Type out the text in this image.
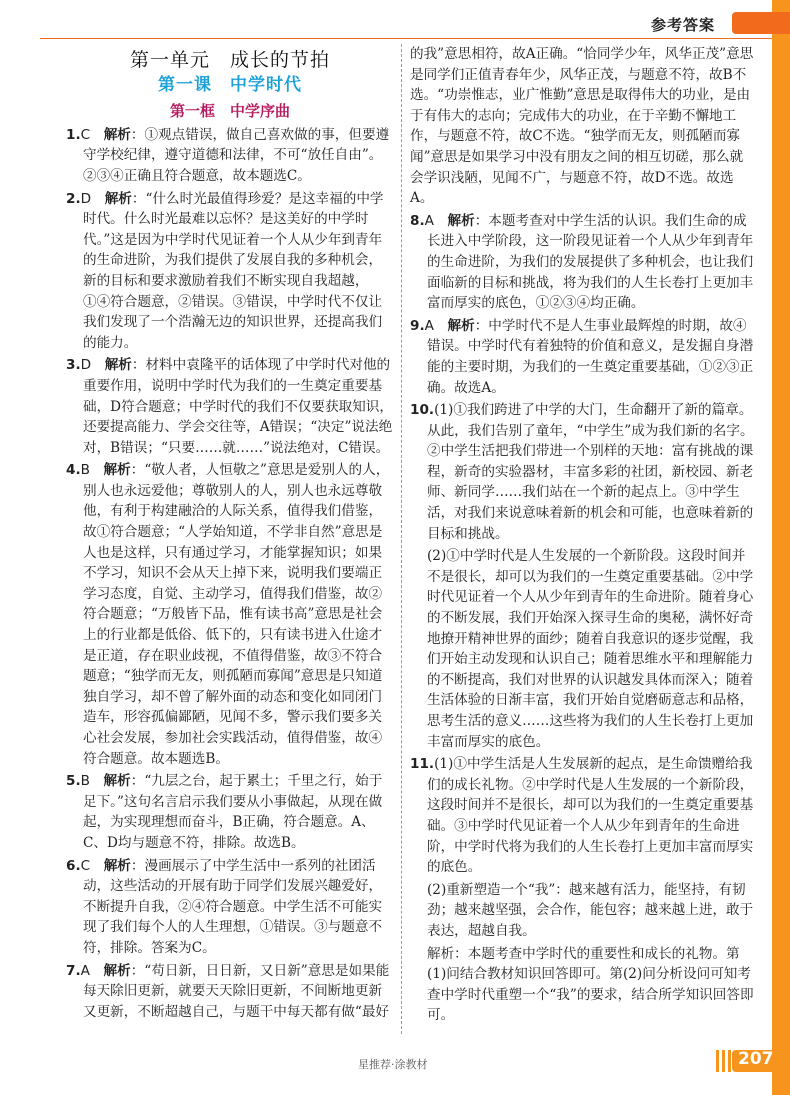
第一单元　成长的节拍
第一课　中学时代
第一框　中学序曲
1.C　 解析：①观点错误，做自己喜欢做的事，但要遵守学校纪律，遵守道德和法律，不可“放任自由”。②③④正确且符合题意，故本题选C。
2.D　 解析：“什么时光最值得珍爱？是这幸福的中学时代。什么时光最难以忘怀？是这美好的中学时代。”这是因为中学时代见证着一个人从少年到青年的生命进阶，为我们提供了发展自我的多种机会，新的目标和要求激励着我们不断实现自我超越，①④符合题意，②错误。③错误，中学时代不仅让我们发现了一个浩瀚无边的知识世界，还提高我们的能力。
3.D　 解析：材料中袁隆平的话体现了中学时代对他的重要作用，说明中学时代为我们的一生奠定重要基础，D符合题意；中学时代的我们不仅要获取知识，还要提高能力、学会交往等，A错误；“决定”说法绝对，B错误；“只要……就……”说法绝对，C错误。
4.B　 解析：“敬人者，人恒敬之”意思是爱别人的人，别人也永远爱他；尊敬别人的人，别人也永远尊敬他，有利于构建融洽的人际关系，值得我们借鉴，故①符合题意；“人学始知道，不学非自然”意思是人也是这样，只有通过学习，才能掌握知识；如果不学习，知识不会从天上掉下来，说明我们要端正学习态度，自觉、主动学习，值得我们借鉴，故②符合题意；“万般皆下品，惟有读书高”意思是社会上的行业都是低俗、低下的，只有读书进入仕途才是正道，存在职业歧视，不值得借鉴，故③不符合题意；“独学而无友，则孤陋而寡闻”意思是只知道独自学习，却不曾了解外面的动态和变化如同闭门造车，形容孤偏鄙陋，见闻不多，警示我们要多关心社会发展，参加社会实践活动，值得借鉴，故④符合题意。故本题选B。
5.B　 解析：“九层之台，起于累土；千里之行，始于足下。”这句名言启示我们要从小事做起，从现在做起，为实现理想而奋斗，B正确，符合题意。A、C、D均与题意不符，排除。故选B。
6.C　 解析：漫画展示了中学生活中一系列的社团活动，这些活动的开展有助于同学们发展兴趣爱好，不断提升自我，②④符合题意。中学生活不可能实现了我们每个人的人生理想，①错误。③与题意不符，排除。答案为C。
7.A　 解析：“苟日新，日日新，又日新”意思是如果能每天除旧更新，就要天天除旧更新，不间断地更新又更新，不断超越自己，与题干中每天都有做“最好
的我”意思相符，故A正确。“恰同学少年，风华正茂”意思是同学们正值青春年少，风华正茂，与题意不符，故B不选。“功崇惟志，业广惟勤”意思是取得伟大的功业，是由于有伟大的志向；完成伟大的功业，在于辛勤不懈地工作，与题意不符，故C不选。“独学而无友，则孤陋而寡闻”意思是如果学习中没有朋友之间的相互切磋，那么就会学识浅陋，见闻不广，与题意不符，故D不选。故选A。
8.A　 解析：本题考查对中学生活的认识。我们生命的成长进入中学阶段，这一阶段见证着一个人从少年到青年的生命进阶，为我们的发展提供了多种机会，也让我们面临新的目标和挑战，将为我们的人生长卷打上更加丰富而厚实的底色，①②③④均正确。
9.A　 解析：中学时代不是人生事业最辉煌的时期，故④错误。中学时代有着独特的价值和意义，是发掘自身潜能的主要时期，为我们的一生奠定重要基础，①②③正确。故选A。
10.(1)①我们跨进了中学的大门，生命翻开了新的篇章。从此，我们告别了童年，“中学生”成为我们新的名字。②中学生活把我们带进一个别样的天地：富有挑战的课程，新奇的实验器材，丰富多彩的社团，新校园、新老师、新同学……我们站在一个新的起点上。③中学生活，对我们来说意味着新的机会和可能，也意味着新的目标和挑战。
(2)①中学时代是人生发展的一个新阶段。这段时间并不是很长，却可以为我们的一生奠定重要基础。②中学时代见证着一个人从少年到青年的生命进阶。随着身心的不断发展，我们开始深入探寻生命的奥秘，满怀好奇地撩开精神世界的面纱；随着自我意识的逐步觉醒，我们开始主动发现和认识自己；随着思维水平和理解能力的不断提高，我们对世界的认识越发具体而深入；随着生活体验的日渐丰富，我们开始自觉磨砺意志和品格，思考生活的意义……这些将为我们的人生长卷打上更加丰富而厚实的底色。
11.(1)①中学生活是人生发展新的起点，是生命馈赠给我们的成长礼物。②中学时代是人生发展的一个新阶段，这段时间并不是很长，却可以为我们的一生奠定重要基础。③中学时代见证着一个人从少年到青年的生命进阶，中学时代将为我们的人生长卷打上更加丰富而厚实的底色。
(2)重新塑造一个“我”：越来越有活力，能坚持，有韧劲；越来越坚强，会合作，能包容；越来越上进，敢于表达，超越自我。
解析：本题考查中学时代的重要性和成长的礼物。第(1)问结合教材知识回答即可。第(2)问分析设问可知考查中学时代重塑一个“我”的要求，结合所学知识回答即可。
星推荐·涂教材
参考答案
207
